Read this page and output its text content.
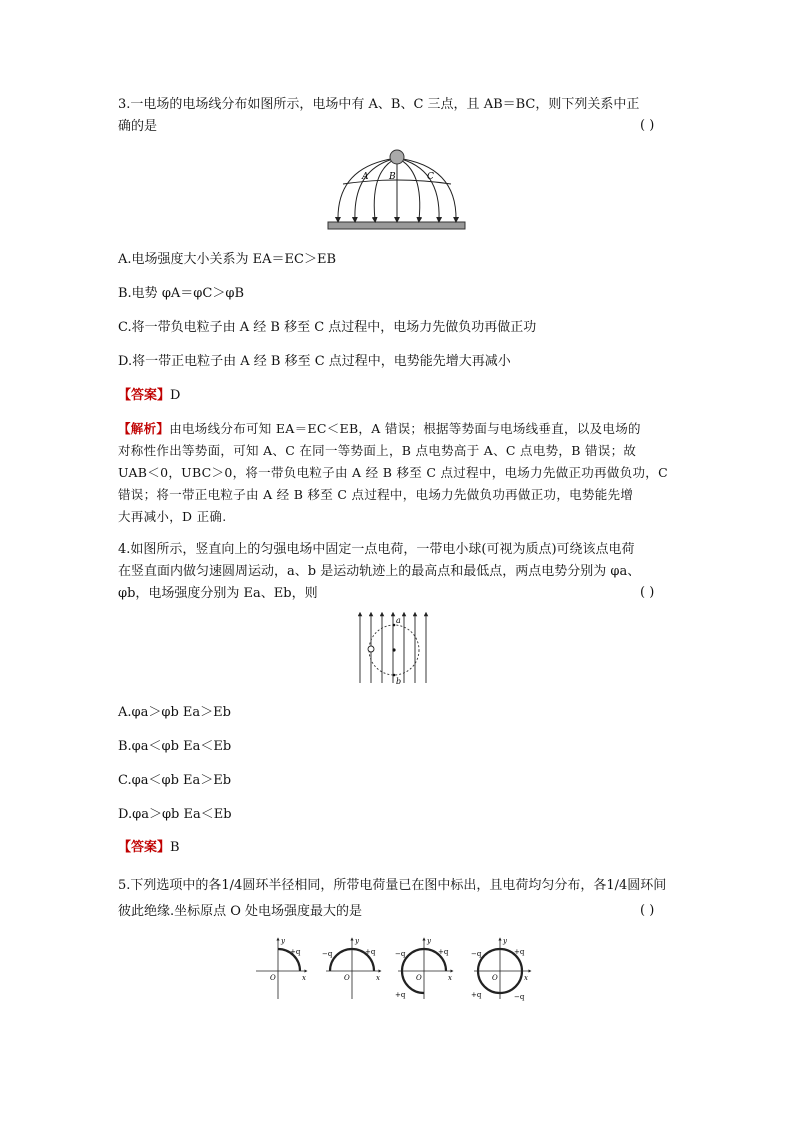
3.一电场的电场线分布如图所示，电场中有 A、B、C 三点，且 AB＝BC，则下列关系中正
确的是	( )
A B	C
A.电场强度大小关系为 EA＝EC＞EB
B.电势 φA＝φC＞φB
C.将一带负电粒子由 A 经 B 移至 C 点过程中，电场力先做负功再做正功
D.将一带正电粒子由 A 经 B 移至 C 点过程中，电势能先增大再减小
【答案】D
【解析】由电场线分布可知 EA＝EC＜EB，A 错误；根据等势面与电场线垂直，以及电场的
对称性作出等势面，可知 A、C 在同一等势面上，B 点电势高于 A、C 点电势，B 错误；故
UAB＜0，UBC＞0，将一带负电粒子由 A 经 B 移至 C 点过程中，电场力先做正功再做负功，C
错误；将一带正电粒子由 A 经 B 移至 C 点过程中，电场力先做负功再做正功，电势能先增
大再减小，D 正确.
4.如图所示，竖直向上的匀强电场中固定一点电荷，一带电小球(可视为质点)可绕该点电荷
在竖直面内做匀速圆周运动，a、b 是运动轨迹上的最高点和最低点，两点电势分别为 φa、
φb，电场强度分别为 Ea、Eb，则	( )
a
b
A.φa＞φb Ea＞Eb
B.φa＜φb Ea＜Eb
C.φa＜φb Ea＞Eb
D.φa＞φb Ea＜Eb
【答案】B
5.下列选项中的各1/4圆环半径相同，所带电荷量已在图中标出，且电荷均匀分布，各1/4圆环间
彼此绝缘.坐标原点 O 处电场强度最大的是	( )
y
x
O
+q
y
x
O
−q	+q
y
x
O
−q	+q
+q
y
x
O
−q	+q
+q	−q
